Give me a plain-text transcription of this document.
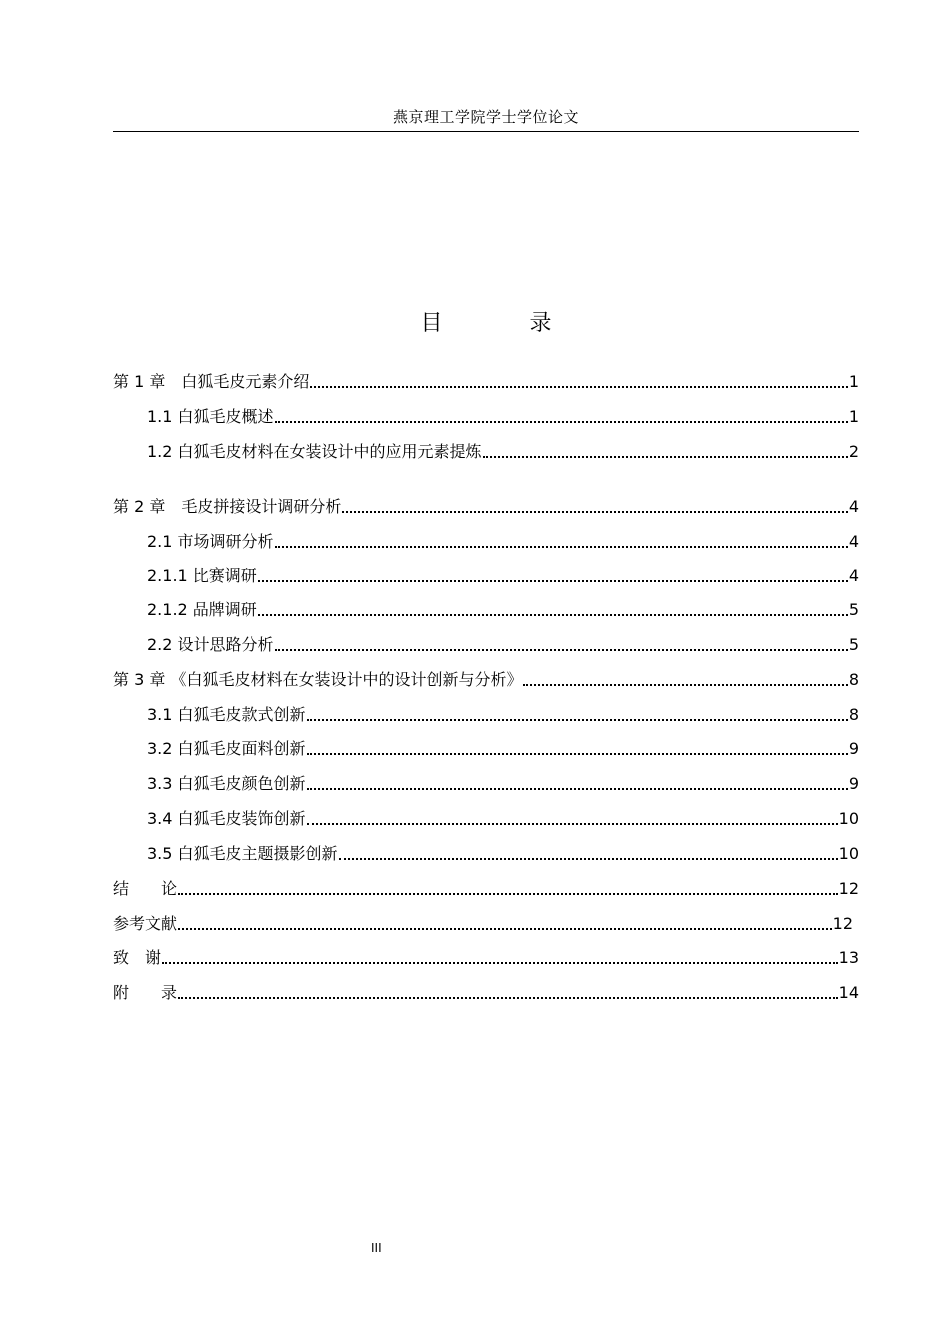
燕京理工学院学士学位论文
目 录
第 1 章　白狐毛皮元素介绍	1
1.1 白狐毛皮概述	1
1.2 白狐毛皮材料在女装设计中的应用元素提炼	2
第 2 章　毛皮拼接设计调研分析	4
2.1 市场调研分析	4
2.1.1 比赛调研	4
2.1.2 品牌调研	5
2.2 设计思路分析	5
第 3 章 《白狐毛皮材料在女装设计中的设计创新与分析》	8
3.1 白狐毛皮款式创新	8
3.2 白狐毛皮面料创新	9
3.3 白狐毛皮颜色创新	9
3.4 白狐毛皮装饰创新	10
3.5 白狐毛皮主题摄影创新	10
结　　论	12
参考文献	12
致　谢	13
附　　录	14
III
